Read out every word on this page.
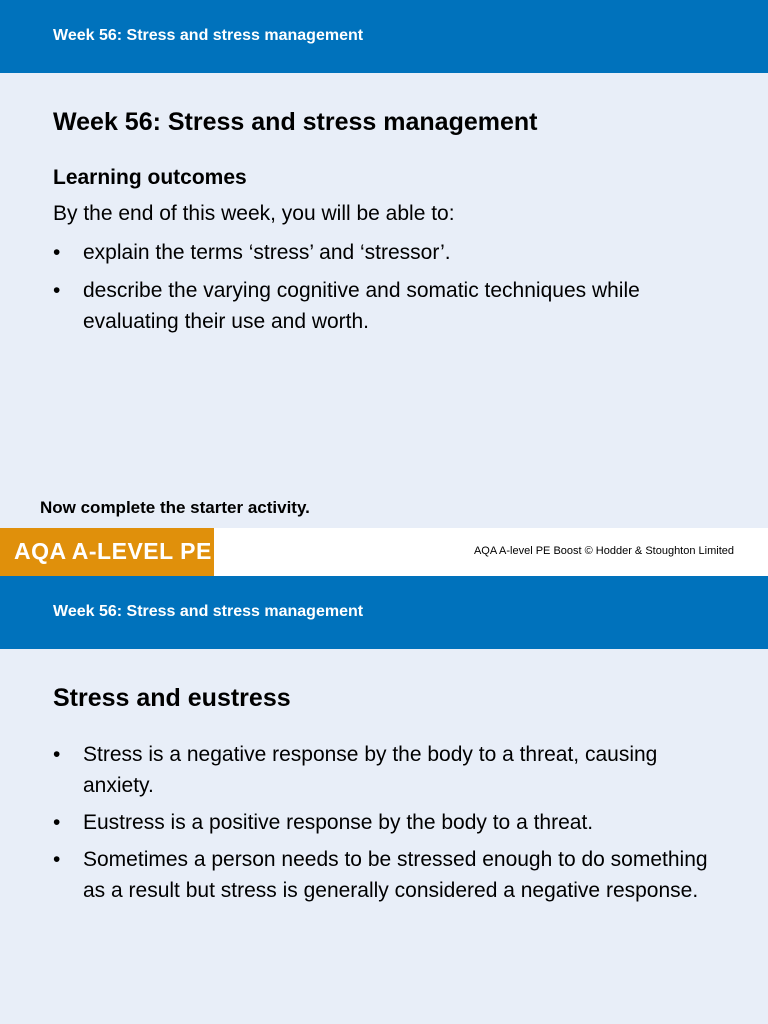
Week 56: Stress and stress management
Week 56: Stress and stress management
Learning outcomes
By the end of this week, you will be able to:
• explain the terms ‘stress’ and ‘stressor’.
• describe the varying cognitive and somatic techniques while evaluating their use and worth.
Now complete the starter activity.
AQA A-LEVEL PE	AQA A-level PE Boost © Hodder & Stoughton Limited
Week 56: Stress and stress management
Stress and eustress
• Stress is a negative response by the body to a threat, causing anxiety.
• Eustress is a positive response by the body to a threat.
• Sometimes a person needs to be stressed enough to do something as a result but stress is generally considered a negative response.
